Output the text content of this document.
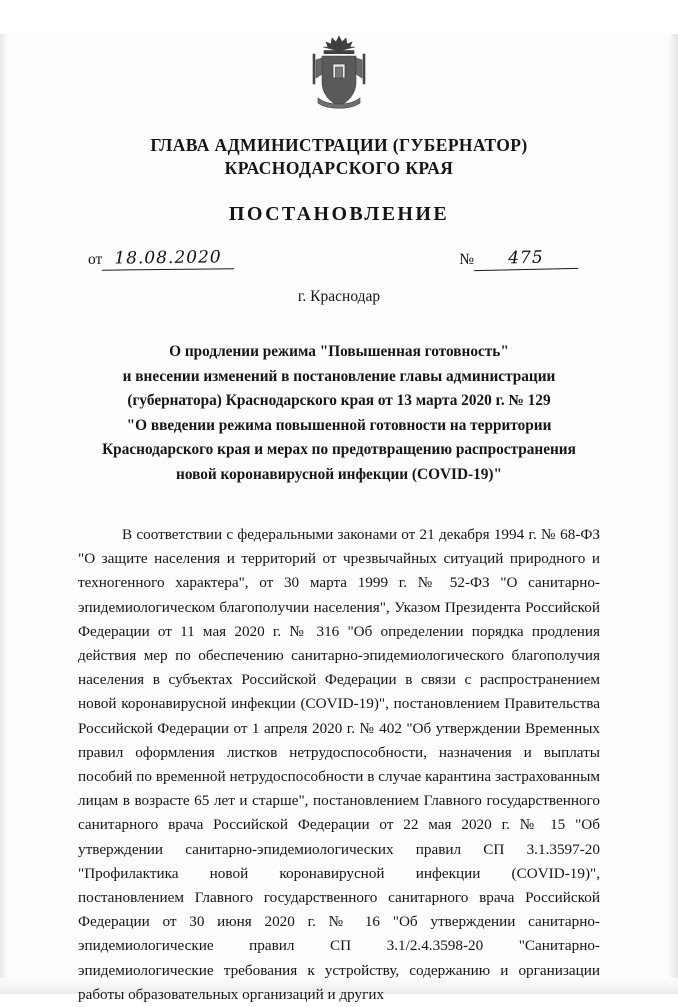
ГЛАВА АДМИНИСТРАЦИИ (ГУБЕРНАТОР)
КРАСНОДАРСКОГО КРАЯ
ПОСТАНОВЛЕНИЕ
от 18.08.2020	№	475
г. Краснодар
О продлении режима "Повышенная готовность"
и внесении изменений в постановление главы администрации
(губернатора) Краснодарского края от 13 марта 2020 г. № 129
"О введении режима повышенной готовности на территории
Краснодарского края и мерах по предотвращению распространения
новой коронавирусной инфекции (COVID-19)"

В соответствии с федеральными законами от 21 декабря 1994 г. № 68-ФЗ "О защите населения и территорий от чрезвычайных ситуаций природного и техногенного характера", от 30 марта 1999 г. № 52-ФЗ "О санитарно-эпидемиологическом благополучии населения", Указом Президента Российской Федерации от 11 мая 2020 г. № 316 "Об определении порядка продления действия мер по обеспечению санитарно-эпидемиологического благополучия населения в субъектах Российской Федерации в связи с распространением новой коронавирусной инфекции (COVID-19)", постановлением Правительства Российской Федерации от 1 апреля 2020 г. № 402 "Об утверждении Временных правил оформления листков нетрудоспособности, назначения и выплаты пособий по временной нетрудоспособности в случае карантина застрахованным лицам в возрасте 65 лет и старше", постановлением Главного государственного санитарного врача Российской Федерации от 22 мая 2020 г. № 15 "Об утверждении санитарно-эпидемиологических правил СП 3.1.3597-20 "Профилактика новой коронавирусной инфекции (COVID-19)", постановлением Главного государственного санитарного врача Российской Федерации от 30 июня 2020 г. № 16 "Об утверждении санитарно-эпидемиологические правил СП 3.1/2.4.3598-20 "Санитарно-эпидемиологические требования к устройству, содержанию и организации работы образовательных организаций и других
